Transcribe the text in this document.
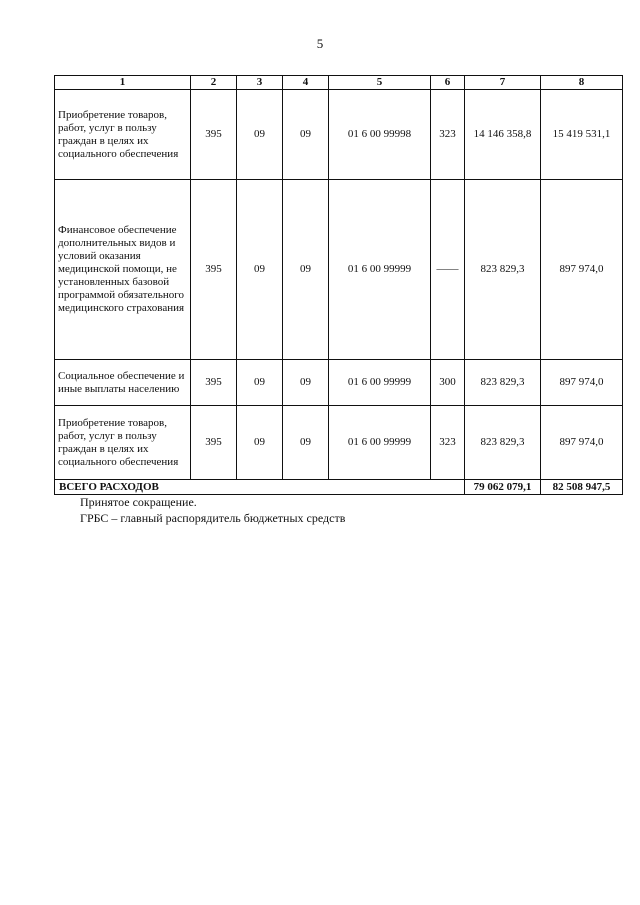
5
1	2	3	4	5	6	7	8
Приобретение товаров, работ, услуг в пользу граждан в целях их социального обеспечения	395	09	09	01 6 00 99998	323	14 146 358,8	15 419 531,1
Финансовое обеспечение дополнительных видов и условий оказания медицинской помощи, не установленных базовой программой обязательного медицинского страхования	395	09	09	01 6 00 99999	——	823 829,3	897 974,0
Социальное обеспечение и иные выплаты населению	395	09	09	01 6 00 99999	300	823 829,3	897 974,0
Приобретение товаров, работ, услуг в пользу граждан в целях их социального обеспечения	395	09	09	01 6 00 99999	323	823 829,3	897 974,0
ВСЕГО РАСХОДОВ						79 062 079,1	82 508 947,5
Принятое сокращение.
ГРБС – главный распорядитель бюджетных средств
